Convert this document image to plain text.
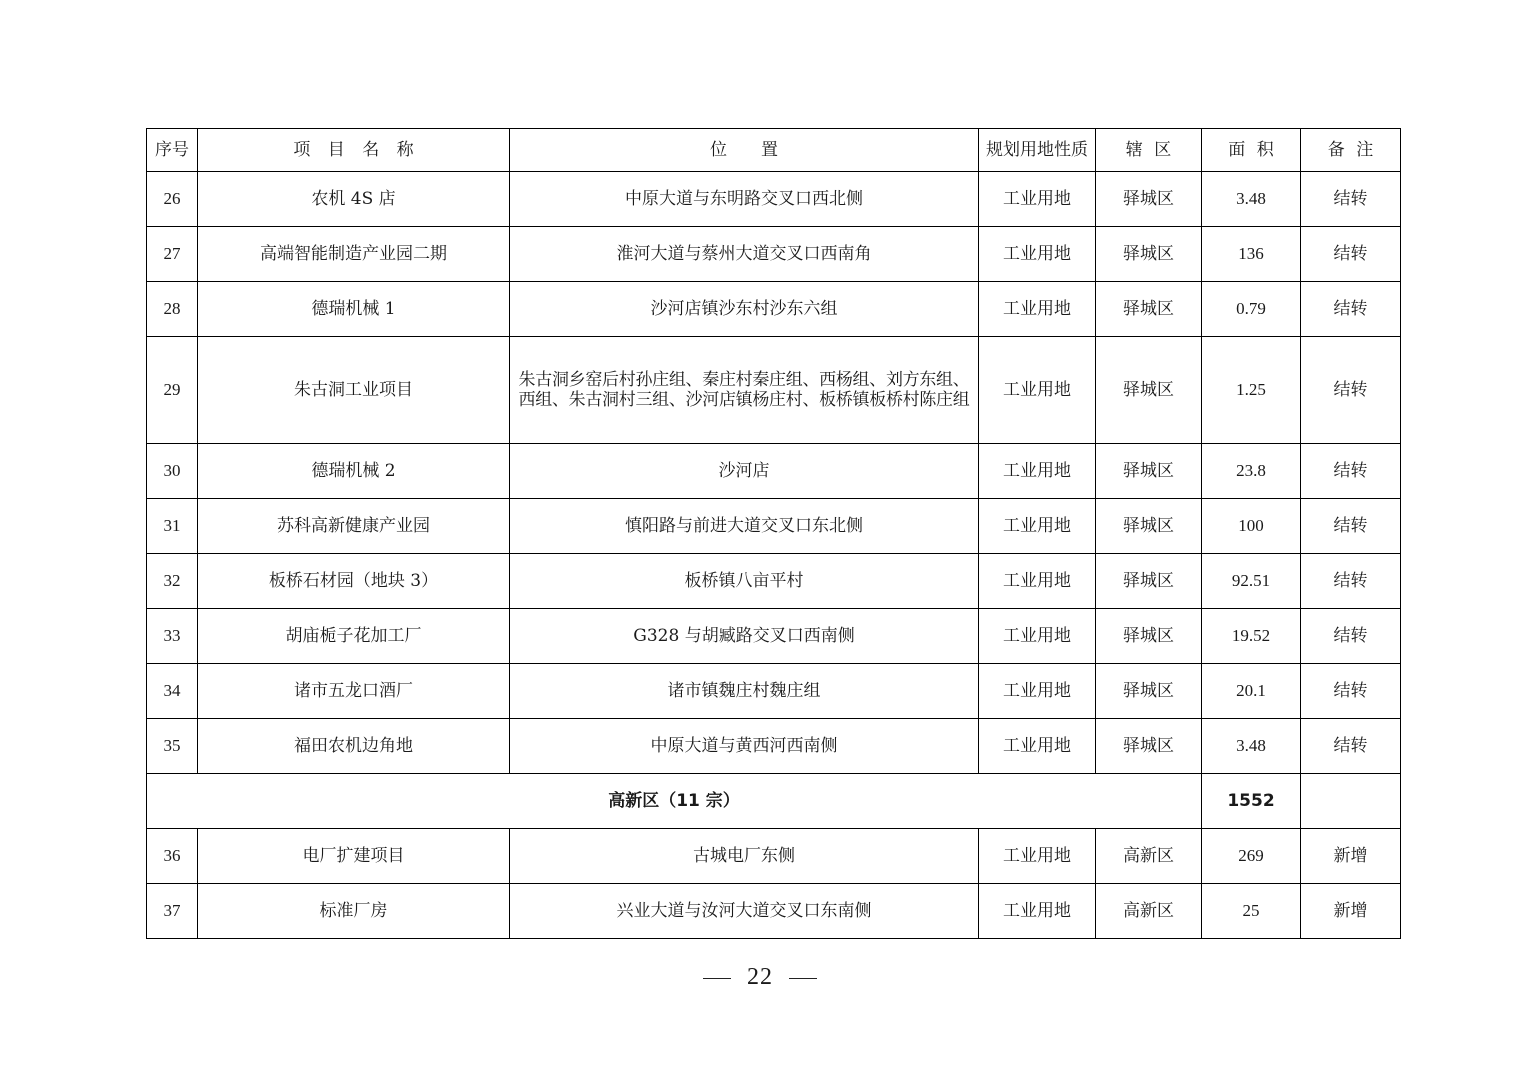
序号	项 目 名 称	位　　置	规划用地性质	辖 区	面 积	备 注
26	农机 4S 店	中原大道与东明路交叉口西北侧	工业用地	驿城区	3.48	结转
27	高端智能制造产业园二期	淮河大道与蔡州大道交叉口西南角	工业用地	驿城区	136	结转
28	德瑞机械 1	沙河店镇沙东村沙东六组	工业用地	驿城区	0.79	结转
29	朱古洞工业项目	朱古洞乡窑后村孙庄组、秦庄村秦庄组、西杨组、刘方东组、
西组、朱古洞村三组、沙河店镇杨庄村、板桥镇板桥村陈庄组	工业用地	驿城区	1.25	结转
30	德瑞机械 2	沙河店	工业用地	驿城区	23.8	结转
31	苏科高新健康产业园	慎阳路与前进大道交叉口东北侧	工业用地	驿城区	100	结转
32	板桥石材园（地块 3）	板桥镇八亩平村	工业用地	驿城区	92.51	结转
33	胡庙栀子花加工厂	G328 与胡臧路交叉口西南侧	工业用地	驿城区	19.52	结转
34	诸市五龙口酒厂	诸市镇魏庄村魏庄组	工业用地	驿城区	20.1	结转
35	福田农机边角地	中原大道与黄西河西南侧	工业用地	驿城区	3.48	结转
高新区（11 宗）					1552	
36	电厂扩建项目	古城电厂东侧	工业用地	高新区	269	新增
37	标准厂房	兴业大道与汝河大道交叉口东南侧	工业用地	高新区	25	新增
22
